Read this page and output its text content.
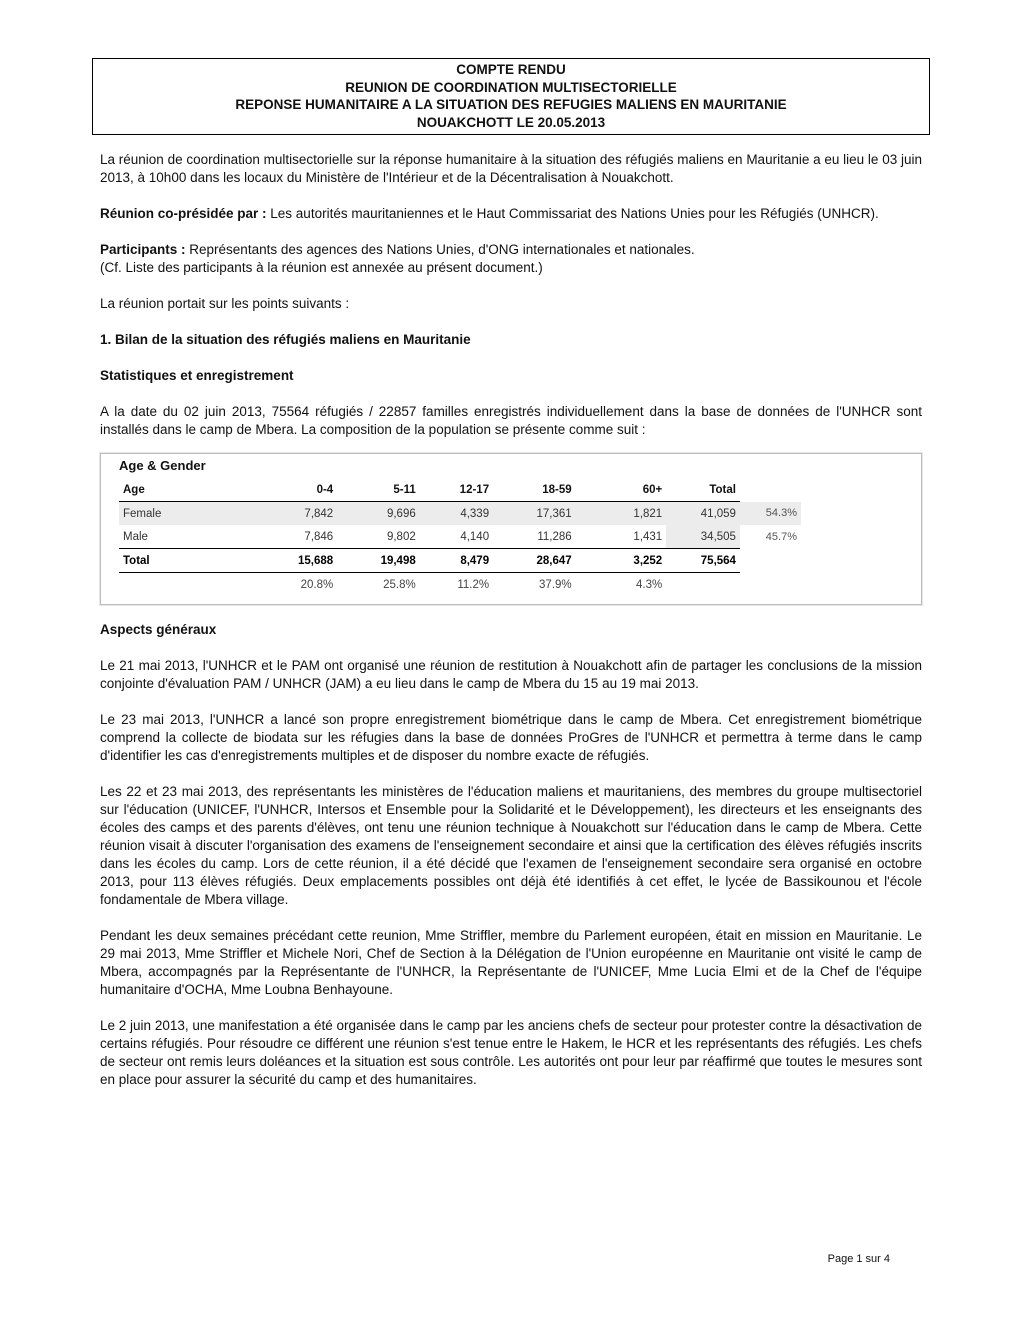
COMPTE RENDU
REUNION DE COORDINATION MULTISECTORIELLE
REPONSE HUMANITAIRE A LA SITUATION DES REFUGIES MALIENS EN MAURITANIE
NOUAKCHOTT LE 20.05.2013

La réunion de coordination multisectorielle sur la réponse humanitaire à la situation des réfugiés maliens en Mauritanie a eu lieu le 03 juin 2013, à 10h00 dans les locaux du Ministère de l'Intérieur et de la Décentralisation à Nouakchott.

Réunion co-présidée par : Les autorités mauritaniennes et le Haut Commissariat des Nations Unies pour les Réfugiés (UNHCR).

Participants : Représentants des agences des Nations Unies, d'ONG internationales et nationales.

(Cf. Liste des participants à la réunion est annexée au présent document.)

La réunion portait sur les points suivants :

1. Bilan de la situation des réfugiés maliens en Mauritanie
Statistiques et enregistrement

A la date du 02 juin 2013, 75564 réfugiés / 22857 familles enregistrés individuellement dans la base de données de l'UNHCR sont installés dans le camp de Mbera. La composition de la population se présente comme suit :

Age & Gender
Age	0-4	5-11	12-17	18-59	60+	Total	
Female	7,842	9,696	4,339	17,361	1,821	41,059	54.3%
Male	7,846	9,802	4,140	11,286	1,431	34,505	45.7%
Total	15,688	19,498	8,479	28,647	3,252	75,564	
	20.8%	25.8%	11.2%	37.9%	4.3%		
Aspects généraux

Le 21 mai 2013, l'UNHCR et le PAM ont organisé une réunion de restitution à Nouakchott afin de partager les conclusions de la mission conjointe d'évaluation PAM / UNHCR (JAM) a eu lieu dans le camp de Mbera du 15 au 19 mai 2013.

Le 23 mai 2013, l'UNHCR a lancé son propre enregistrement biométrique dans le camp de Mbera. Cet enregistrement biométrique comprend la collecte de biodata sur les réfugies dans la base de données ProGres de l'UNHCR et permettra à terme dans le camp d'identifier les cas d'enregistrements multiples et de disposer du nombre exacte de réfugiés.

Les 22 et 23 mai 2013, des représentants les ministères de l'éducation maliens et mauritaniens, des membres du groupe multisectoriel sur l'éducation (UNICEF, l'UNHCR, Intersos et Ensemble pour la Solidarité et le Développement), les directeurs et les enseignants des écoles des camps et des parents d'élèves, ont tenu une réunion technique à Nouakchott sur l'éducation dans le camp de Mbera. Cette réunion visait à discuter l'organisation des examens de l'enseignement secondaire et ainsi que la certification des élèves réfugiés inscrits dans les écoles du camp. Lors de cette réunion, il a été décidé que l'examen de l'enseignement secondaire sera organisé en octobre 2013, pour 113 élèves réfugiés. Deux emplacements possibles ont déjà été identifiés à cet effet, le lycée de Bassikounou et l'école fondamentale de Mbera village.

Pendant les deux semaines précédant cette reunion, Mme Striffler, membre du Parlement européen, était en mission en Mauritanie. Le 29 mai 2013, Mme Striffler et Michele Nori, Chef de Section à la Délégation de l'Union européenne en Mauritanie ont visité le camp de Mbera, accompagnés par la Représentante de l'UNHCR, la Représentante de l'UNICEF, Mme Lucia Elmi et de la Chef de l'équipe humanitaire d'OCHA, Mme Loubna Benhayoune.

Le 2 juin 2013, une manifestation a été organisée dans le camp par les anciens chefs de secteur pour protester contre la désactivation de certains réfugiés. Pour résoudre ce différent une réunion s'est tenue entre le Hakem, le HCR et les représentants des réfugiés. Les chefs de secteur ont remis leurs doléances et la situation est sous contrôle. Les autorités ont pour leur par réaffirmé que toutes le mesures sont en place pour assurer la sécurité du camp et des humanitaires.

Page 1 sur 4
